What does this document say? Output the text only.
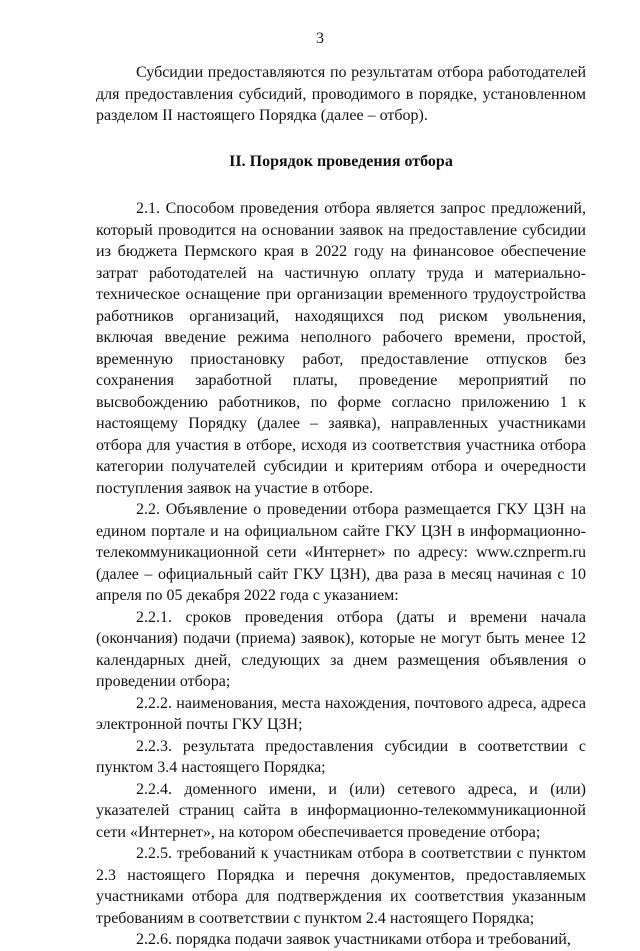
3

Субсидии предоставляются по результатам отбора работодателей для предоставления субсидий, проводимого в порядке, установленном разделом II настоящего Порядка (далее – отбор).

II. Порядок проведения отбора

2.1. Способом проведения отбора является запрос предложений, который проводится на основании заявок на предоставление субсидии из бюджета Пермского края в 2022 году на финансовое обеспечение затрат работодателей на частичную оплату труда и материально-техническое оснащение при организации временного трудоустройства работников организаций, находящихся под риском увольнения, включая введение режима неполного рабочего времени, простой, временную приостановку работ, предоставление отпусков без сохранения заработной платы, проведение мероприятий по высвобождению работников, по форме согласно приложению 1 к настоящему Порядку (далее – заявка), направленных участниками отбора для участия в отборе, исходя из соответствия участника отбора категории получателей субсидии и критериям отбора и очередности поступления заявок на участие в отборе.

2.2. Объявление о проведении отбора размещается ГКУ ЦЗН на едином портале и на официальном сайте ГКУ ЦЗН в информационно-телекоммуникационной сети «Интернет» по адресу: www.cznperm.ru (далее – официальный сайт ГКУ ЦЗН), два раза в месяц начиная с 10 апреля по 05 декабря 2022 года с указанием:

2.2.1. сроков проведения отбора (даты и времени начала (окончания) подачи (приема) заявок), которые не могут быть менее 12 календарных дней, следующих за днем размещения объявления о проведении отбора;

2.2.2. наименования, места нахождения, почтового адреса, адреса электронной почты ГКУ ЦЗН;

2.2.3. результата предоставления субсидии в соответствии с пунктом 3.4 настоящего Порядка;

2.2.4. доменного имени, и (или) сетевого адреса, и (или) указателей страниц сайта в информационно-телекоммуникационной сети «Интернет», на котором обеспечивается проведение отбора;

2.2.5. требований к участникам отбора в соответствии с пунктом 2.3 настоящего Порядка и перечня документов, предоставляемых участниками отбора для подтверждения их соответствия указанным требованиям в соответствии с пунктом 2.4 настоящего Порядка;

2.2.6. порядка подачи заявок участниками отбора и требований,
